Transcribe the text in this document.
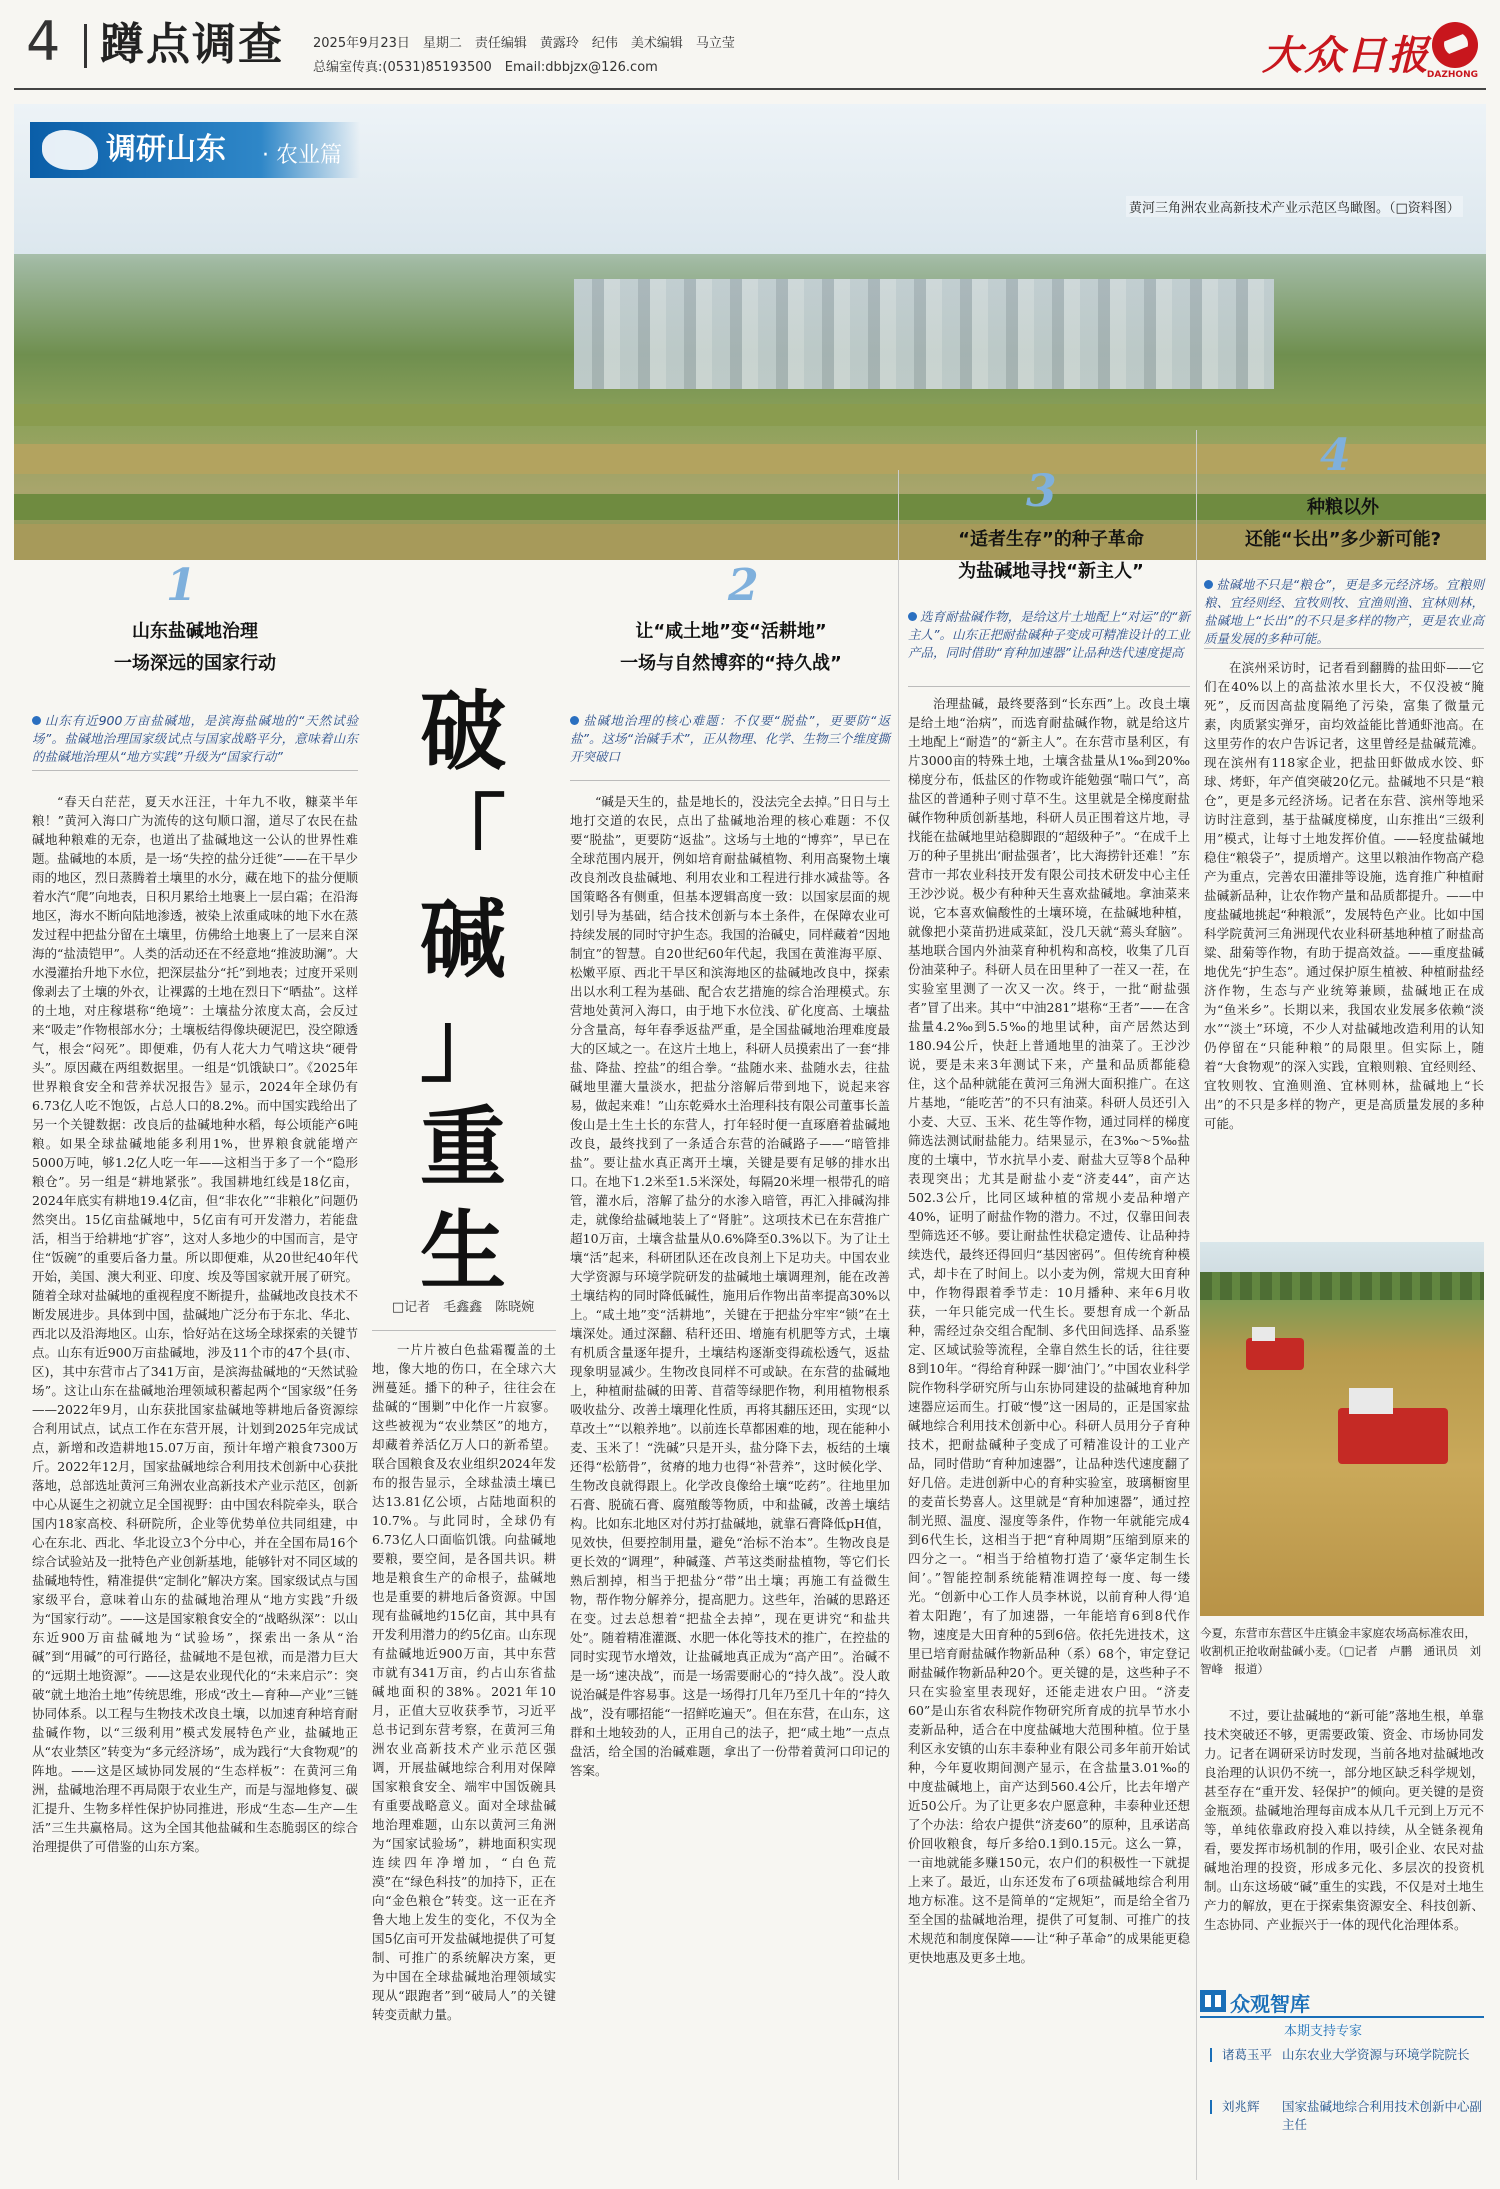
4 蹲点调查 2025年9月23日　星期二　责任编辑　黄露玲　纪伟　美术编辑　马立莹
总编室传真:(0531)85193500　Email:dbbjzx@126.com	大众日报
DAZHONG
调研山东 · 农业篇
黄河三角洲农业高新技术产业示范区鸟瞰图。（□资料图）
1
山东盐碱地治理
一场深远的国家行动
山东有近900万亩盐碱地，是滨海盐碱地的“天然试验场”。盐碱地治理国家级试点与国家战略平分，意味着山东的盐碱地治理从“地方实践”升级为“国家行动”

“春天白茫茫，夏天水汪汪，十年九不收，糠菜半年粮！”黄河入海口广为流传的这句顺口溜，道尽了农民在盐碱地种粮难的无奈，也道出了盐碱地这一公认的世界性难题。盐碱地的本质，是一场“失控的盐分迁徙”——在干旱少雨的地区，烈日蒸腾着土壤里的水分，藏在地下的盐分便顺着水汽“爬”向地表，日积月累给土地裹上一层白霜；在沿海地区，海水不断向陆地渗透，被染上浓重咸味的地下水在蒸发过程中把盐分留在土壤里，仿佛给土地裹上了一层来自深海的“盐渍铠甲”。人类的活动还在不经意地“推波助澜”。大水漫灌抬升地下水位，把深层盐分“托”到地表；过度开采则像剥去了土壤的外衣，让裸露的土地在烈日下“晒盐”。这样的土地，对庄稼堪称“绝境”：土壤盐分浓度太高，会反过来“吸走”作物根部水分；土壤板结得像块硬泥巴，没空隙透气，根会“闷死”。即便难，仍有人花大力气啃这块“硬骨头”。原因藏在两组数据里。一组是“饥饿缺口”。《2025年世界粮食安全和营养状况报告》显示，2024年全球仍有6.73亿人吃不饱饭，占总人口的8.2%。而中国实践给出了另一个关键数据：改良后的盐碱地种水稻，每公顷能产6吨粮。如果全球盐碱地能多利用1%，世界粮食就能增产5000万吨，够1.2亿人吃一年——这相当于多了一个“隐形粮仓”。另一组是“耕地紧张”。我国耕地红线是18亿亩，2024年底实有耕地19.4亿亩，但“非农化”“非粮化”问题仍然突出。15亿亩盐碱地中，5亿亩有可开发潜力，若能盘活，相当于给耕地“扩容”，这对人多地少的中国而言，是守住“饭碗”的重要后备力量。所以即便难，从20世纪40年代开始，美国、澳大利亚、印度、埃及等国家就开展了研究。随着全球对盐碱地的重视程度不断提升，盐碱地改良技术不断发展进步。具体到中国，盐碱地广泛分布于东北、华北、西北以及沿海地区。山东，恰好站在这场全球探索的关键节点。山东有近900万亩盐碱地，涉及11个市的47个县(市、区)，其中东营市占了341万亩，是滨海盐碱地的“天然试验场”。这让山东在盐碱地治理领域积蓄起两个“国家级”任务——2022年9月，山东获批国家盐碱地等耕地后备资源综合利用试点，试点工作在东营开展，计划到2025年完成试点，新增和改造耕地15.07万亩，预计年增产粮食7300万斤。2022年12月，国家盐碱地综合利用技术创新中心获批落地，总部选址黄河三角洲农业高新技术产业示范区，创新中心从诞生之初就立足全国视野：由中国农科院牵头，联合国内18家高校、科研院所，企业等优势单位共同组建，中心在东北、西北、华北设立3个分中心，并在全国布局16个综合试验站及一批特色产业创新基地，能够针对不同区域的盐碱地特性，精准提供“定制化”解决方案。国家级试点与国家级平台，意味着山东的盐碱地治理从“地方实践”升级为“国家行动”。——这是国家粮食安全的“战略纵深”：以山东近900万亩盐碱地为“试验场”，探索出一条从“治碱”到“用碱”的可行路径，盐碱地不是包袱，而是潜力巨大的“远期土地资源”。——这是农业现代化的“未来启示”：突破“就土地治土地”传统思维，形成“改土—育种—产业”三链协同体系。以工程与生物技术改良土壤，以加速育种培育耐盐碱作物，以“三级利用”模式发展特色产业，盐碱地正从“农业禁区”转变为“多元经济场”，成为践行“大食物观”的阵地。——这是区域协同发展的“生态样板”：在黄河三角洲，盐碱地治理不再局限于农业生产，而是与湿地修复、碳汇提升、生物多样性保护协同推进，形成“生态—生产—生活”三生共赢格局。这为全国其他盐碱和生态脆弱区的综合治理提供了可借鉴的山东方案。

破
「
碱
」
重
生
□记者　毛鑫鑫　陈晓婉

一片片被白色盐霜覆盖的土地，像大地的伤口，在全球六大洲蔓延。播下的种子，往往会在盐碱的“围剿”中化作一片寂寥。这些被视为“农业禁区”的地方，却藏着养活亿万人口的新希望。联合国粮食及农业组织2024年发布的报告显示，全球盐渍土壤已达13.81亿公顷，占陆地面积的10.7%。与此同时，全球仍有6.73亿人口面临饥饿。向盐碱地要粮，要空间，是各国共识。耕地是粮食生产的命根子，盐碱地也是重要的耕地后备资源。中国现有盐碱地约15亿亩，其中具有开发利用潜力的约5亿亩。山东现有盐碱地近900万亩，其中东营市就有341万亩，约占山东省盐碱地面积的38%。2021年10月，正值大豆收获季节，习近平总书记到东营考察，在黄河三角洲农业高新技术产业示范区强调，开展盐碱地综合利用对保障国家粮食安全、端牢中国饭碗具有重要战略意义。面对全球盐碱地治理难题，山东以黄河三角洲为“国家试验场”，耕地面积实现连续四年净增加，“白色荒漠”在“绿色科技”的加持下，正在向“金色粮仓”转变。这一正在齐鲁大地上发生的变化，不仅为全国5亿亩可开发盐碱地提供了可复制、可推广的系统解决方案，更为中国在全球盐碱地治理领域实现从“跟跑者”到“破局人”的关键转变贡献力量。

2
让“咸土地”变“活耕地”
一场与自然博弈的“持久战”
盐碱地治理的核心难题：不仅要“脱盐”，更要防“返盐”。这场“治碱手术”，正从物理、化学、生物三个维度撕开突破口

“碱是天生的，盐是地长的，没法完全去掉。”日日与土地打交道的农民，点出了盐碱地治理的核心难题：不仅要“脱盐”，更要防“返盐”。这场与土地的“博弈”，早已在全球范围内展开，例如培育耐盐碱植物、利用高聚物土壤改良剂改良盐碱地、利用农业和工程进行排水减盐等。各国策略各有侧重，但基本逻辑高度一致：以国家层面的规划引导为基础，结合技术创新与本土条件，在保障农业可持续发展的同时守护生态。我国的治碱史，同样藏着“因地制宜”的智慧。自20世纪60年代起，我国在黄淮海平原、松嫩平原、西北干旱区和滨海地区的盐碱地改良中，探索出以水利工程为基础、配合农艺措施的综合治理模式。东营地处黄河入海口，由于地下水位浅、矿化度高、土壤盐分含量高，每年春季返盐严重，是全国盐碱地治理难度最大的区域之一。在这片土地上，科研人员摸索出了一套“排盐、降盐、控盐”的组合拳。“盐随水来、盐随水去，往盐碱地里灌大量淡水，把盐分溶解后带到地下，说起来容易，做起来难！”山东乾舜水土治理科技有限公司董事长盖俊山是土生土长的东营人，打年轻时便一直琢磨着盐碱地改良，最终找到了一条适合东营的治碱路子——“暗管排盐”。要让盐水真正离开土壤，关键是要有足够的排水出口。在地下1.2米至1.5米深处，每隔20米埋一根带孔的暗管，灌水后，溶解了盐分的水渗入暗管，再汇入排碱沟排走，就像给盐碱地装上了“肾脏”。这项技术已在东营推广超10万亩，土壤含盐量从0.6%降至0.3%以下。为了让土壤“活”起来，科研团队还在改良剂上下足功夫。中国农业大学资源与环境学院研发的盐碱地土壤调理剂，能在改善土壤结构的同时降低碱性，施用后作物出苗率提高30%以上。“咸土地”变“活耕地”，关键在于把盐分牢牢“锁”在土壤深处。通过深翻、秸秆还田、增施有机肥等方式，土壤有机质含量逐年提升，土壤结构逐渐变得疏松透气，返盐现象明显减少。生物改良同样不可或缺。在东营的盐碱地上，种植耐盐碱的田菁、苜蓿等绿肥作物，利用植物根系吸收盐分、改善土壤理化性质，再将其翻压还田，实现“以草改土”“以粮养地”。以前连长草都困难的地，现在能种小麦、玉米了！“洗碱”只是开头，盐分降下去，板结的土壤还得“松筋骨”，贫瘠的地力也得“补营养”，这时候化学、生物改良就得跟上。化学改良像给土壤“吃药”。往地里加石膏、脱硫石膏、腐殖酸等物质，中和盐碱，改善土壤结构。比如东北地区对付苏打盐碱地，就靠石膏降低pH值，见效快，但要控制用量，避免“治标不治本”。生物改良是更长效的“调理”，种碱蓬、芦苇这类耐盐植物，等它们长熟后割掉，相当于把盐分“带”出土壤；再施工有益微生物，帮作物分解养分，提高肥力。这些年，治碱的思路还在变。过去总想着“把盐全去掉”，现在更讲究“和盐共处”。随着精准灌溉、水肥一体化等技术的推广，在控盐的同时实现节水增效，让盐碱地真正成为“高产田”。治碱不是一场“速决战”，而是一场需要耐心的“持久战”。没人敢说治碱是件容易事。这是一场得打几年乃至几十年的“持久战”，没有哪招能“一招鲜吃遍天”。但在东营，在山东，这群和土地较劲的人，正用自己的法子，把“咸土地”一点点盘活，给全国的治碱难题，拿出了一份带着黄河口印记的答案。

3
“适者生存”的种子革命
为盐碱地寻找“新主人”
选育耐盐碱作物，是给这片土地配上“对运”的“新主人”。山东正把耐盐碱种子变成可精准设计的工业产品，同时借助“育种加速器”让品种迭代速度提高

治理盐碱，最终要落到“长东西”上。改良土壤是给土地“治病”，而选育耐盐碱作物，就是给这片土地配上“耐造”的“新主人”。在东营市垦利区，有片3000亩的特殊土地，土壤含盐量从1‰到20‰梯度分布，低盐区的作物或许能勉强“喘口气”，高盐区的普通种子则寸草不生。这里就是全梯度耐盐碱作物种质创新基地，科研人员正围着这片地，寻找能在盐碱地里站稳脚跟的“超级种子”。“在成千上万的种子里挑出‘耐盐强者’，比大海捞针还难！”东营市一邦农业科技开发有限公司技术研发中心主任王沙沙说。极少有种种天生喜欢盐碱地。拿油菜来说，它本喜欢偏酸性的土壤环境，在盐碱地种植，就像把小菜苗扔进咸菜缸，没几天就“蔫头耷脑”。基地联合国内外油菜育种机构和高校，收集了几百份油菜种子。科研人员在田里种了一茬又一茬，在实验室里测了一次又一次。终于，一批“耐盐强者”冒了出来。其中“中油281”堪称“王者”——在含盐量4.2‰到5.5‰的地里试种，亩产居然达到180.94公斤，快赶上普通地里的油菜了。王沙沙说，要是未来3年测试下来，产量和品质都能稳住，这个品种就能在黄河三角洲大面积推广。在这片基地，“能吃苦”的不只有油菜。科研人员还引入小麦、大豆、玉米、花生等作物，通过同样的梯度筛选法测试耐盐能力。结果显示，在3‰～5‰盐度的土壤中，节水抗旱小麦、耐盐大豆等8个品种表现突出；尤其是耐盐小麦“济麦44”，亩产达502.3公斤，比同区域种植的常规小麦品种增产40%，证明了耐盐作物的潜力。不过，仅靠田间表型筛选还不够。要让耐盐性状稳定遗传、让品种持续迭代，最终还得回归“基因密码”。但传统育种模式，却卡在了时间上。以小麦为例，常规大田育种中，作物得跟着季节走：10月播种、来年6月收获，一年只能完成一代生长。要想育成一个新品种，需经过杂交组合配制、多代田间选择、品系鉴定、区域试验等流程，全靠自然生长的话，往往要8到10年。“得给育种踩一脚‘油门’。”中国农业科学院作物科学研究所与山东协同建设的盐碱地育种加速器应运而生。打破“慢”这一困局的，正是国家盐碱地综合利用技术创新中心。科研人员用分子育种技术，把耐盐碱种子变成了可精准设计的工业产品，同时借助“育种加速器”，让品种迭代速度翻了好几倍。走进创新中心的育种实验室，玻璃橱窗里的麦苗长势喜人。这里就是“育种加速器”，通过控制光照、温度、湿度等条件，作物一年就能完成4到6代生长，这相当于把“育种周期”压缩到原来的四分之一。“相当于给植物打造了‘豪华定制生长间’。”智能控制系统能精准调控每一度、每一缕光。“创新中心工作人员李林说，以前育种人得‘追着太阳跑’，有了加速器，一年能培育6到8代作物，速度是大田育种的5到6倍。依托先进技术，这里已培育耐盐碱作物新品种（系）68个，审定登记耐盐碱作物新品种20个。更关键的是，这些种子不只在实验室里表现好，还能走进农户田。“济麦60”是山东省农科院作物研究所育成的抗旱节水小麦新品种，适合在中度盐碱地大范围种植。位于垦利区永安镇的山东丰泰种业有限公司多年前开始试种，今年夏收期间测产显示，在含盐量3.01‰的中度盐碱地上，亩产达到560.4公斤，比去年增产近50公斤。为了让更多农户愿意种，丰泰种业还想了个办法：给农户提供“济麦60”的原种，且承诺高价回收粮食，每斤多给0.1到0.15元。这么一算，一亩地就能多赚150元，农户们的积极性一下就提上来了。最近，山东还发布了6项盐碱地综合利用地方标准。这不是简单的“定规矩”，而是给全省乃至全国的盐碱地治理，提供了可复制、可推广的技术规范和制度保障——让“种子革命”的成果能更稳更快地惠及更多土地。

4
种粮以外
还能“长出”多少新可能?
盐碱地不只是“粮仓”，更是多元经济场。宜粮则粮、宜经则经、宜牧则牧、宜渔则渔、宜林则林，盐碱地上“长出”的不只是多样的物产，更是农业高质量发展的多种可能。

在滨州采访时，记者看到翻腾的盐田虾——它们在40%以上的高盐浓水里长大，不仅没被“腌死”，反而因高盐度隔绝了污染，富集了微量元素，肉质紧实弹牙，亩均效益能比普通虾池高。在这里劳作的农户告诉记者，这里曾经是盐碱荒滩。现在滨州有118家企业，把盐田虾做成水饺、虾球、烤虾，年产值突破20亿元。盐碱地不只是“粮仓”，更是多元经济场。记者在东营、滨州等地采访时注意到，基于盐碱度梯度，山东推出“三级利用”模式，让每寸土地发挥价值。——轻度盐碱地稳住“粮袋子”，提质增产。这里以粮油作物高产稳产为重点，完善农田灌排等设施，选育推广种植耐盐碱新品种，让农作物产量和品质都提升。——中度盐碱地挑起“种粮派”，发展特色产业。比如中国科学院黄河三角洲现代农业科研基地种植了耐盐高粱、甜菊等作物，有助于提高效益。——重度盐碱地优先“护生态”。通过保护原生植被、种植耐盐经济作物，生态与产业统筹兼顾，盐碱地正在成为“鱼米乡”。长期以来，我国农业发展多依赖“淡水”“淡土”环境，不少人对盐碱地改造利用的认知仍停留在“只能种粮”的局限里。但实际上，随着“大食物观”的深入实践，宜粮则粮、宜经则经、宜牧则牧、宜渔则渔、宜林则林，盐碱地上“长出”的不只是多样的物产，更是高质量发展的多种可能。

今夏，东营市东营区牛庄镇金丰家庭农场高标准农田，收割机正抢收耐盐碱小麦。（□记者　卢鹏　通讯员　刘智峰　报道）

不过，要让盐碱地的“新可能”落地生根，单靠技术突破还不够，更需要政策、资金、市场协同发力。记者在调研采访时发现，当前各地对盐碱地改良治理的认识仍不统一，部分地区缺乏科学规划，甚至存在“重开发、轻保护”的倾向。更关键的是资金瓶颈。盐碱地治理每亩成本从几千元到上万元不等，单纯依靠政府投入难以持续，从全链条视角看，要发挥市场机制的作用，吸引企业、农民对盐碱地治理的投资，形成多元化、多层次的投资机制。山东这场破“碱”重生的实践，不仅是对土地生产力的解放，更在于探索集资源安全、科技创新、生态协同、产业振兴于一体的现代化治理体系。

众观智库
本期支持专家
诸葛玉平 山东农业大学资源与环境学院院长
刘兆辉	国家盐碱地综合利用技术创新中心副主任
